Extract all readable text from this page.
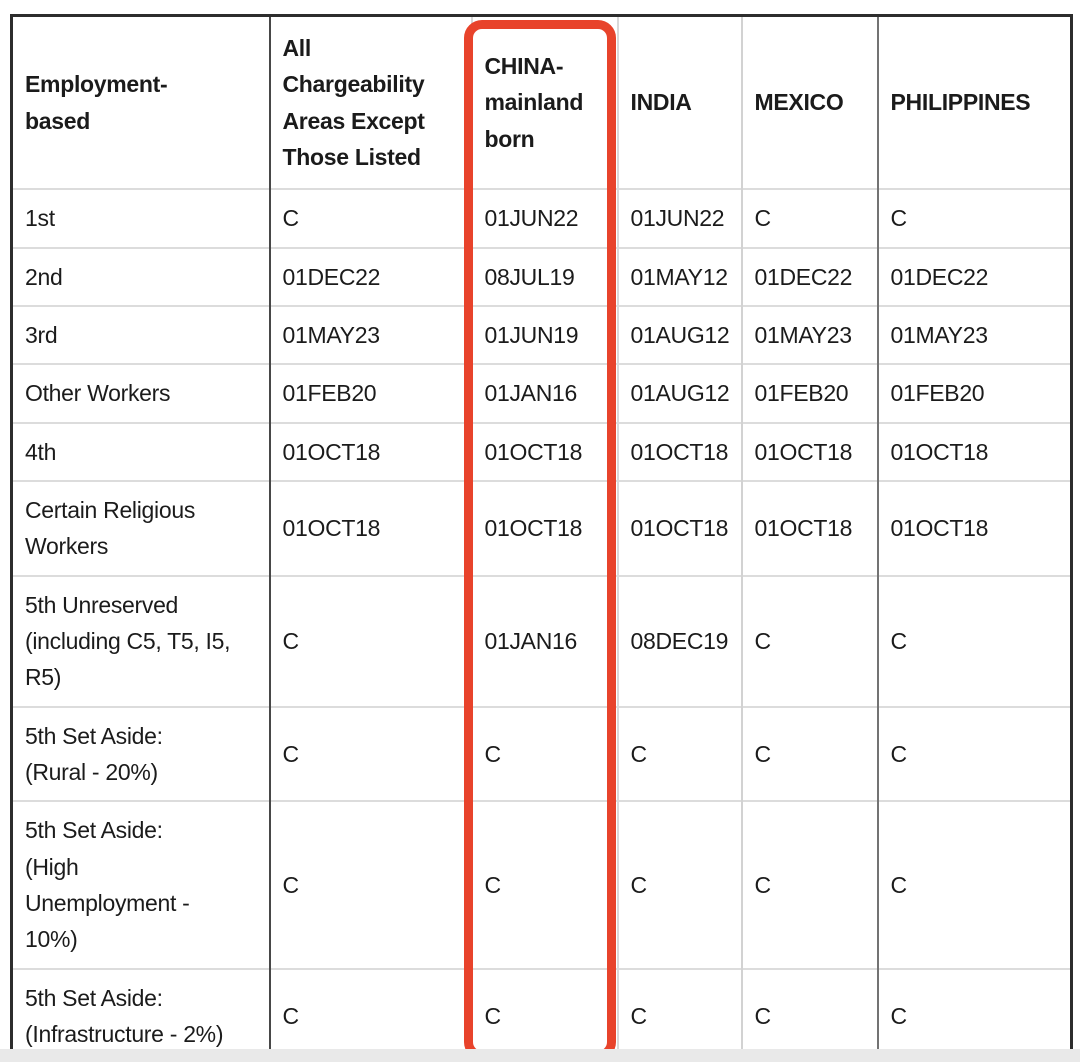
Employment-
based	All
Chargeability
Areas Except
Those Listed	CHINA-
mainland
born	INDIA	MEXICO	PHILIPPINES
1st	C	01JUN22	01JUN22	C	C
2nd	01DEC22	08JUL19	01MAY12	01DEC22	01DEC22
3rd	01MAY23	01JUN19	01AUG12	01MAY23	01MAY23
Other Workers	01FEB20	01JAN16	01AUG12	01FEB20	01FEB20
4th	01OCT18	01OCT18	01OCT18	01OCT18	01OCT18
Certain Religious
Workers	01OCT18	01OCT18	01OCT18	01OCT18	01OCT18
5th Unreserved
(including C5, T5, I5,
R5)	C	01JAN16	08DEC19	C	C
5th Set Aside:
(Rural - 20%)	C	C	C	C	C
5th Set Aside:
(High
Unemployment -
10%)	C	C	C	C	C
5th Set Aside:
(Infrastructure - 2%)	C	C	C	C	C
